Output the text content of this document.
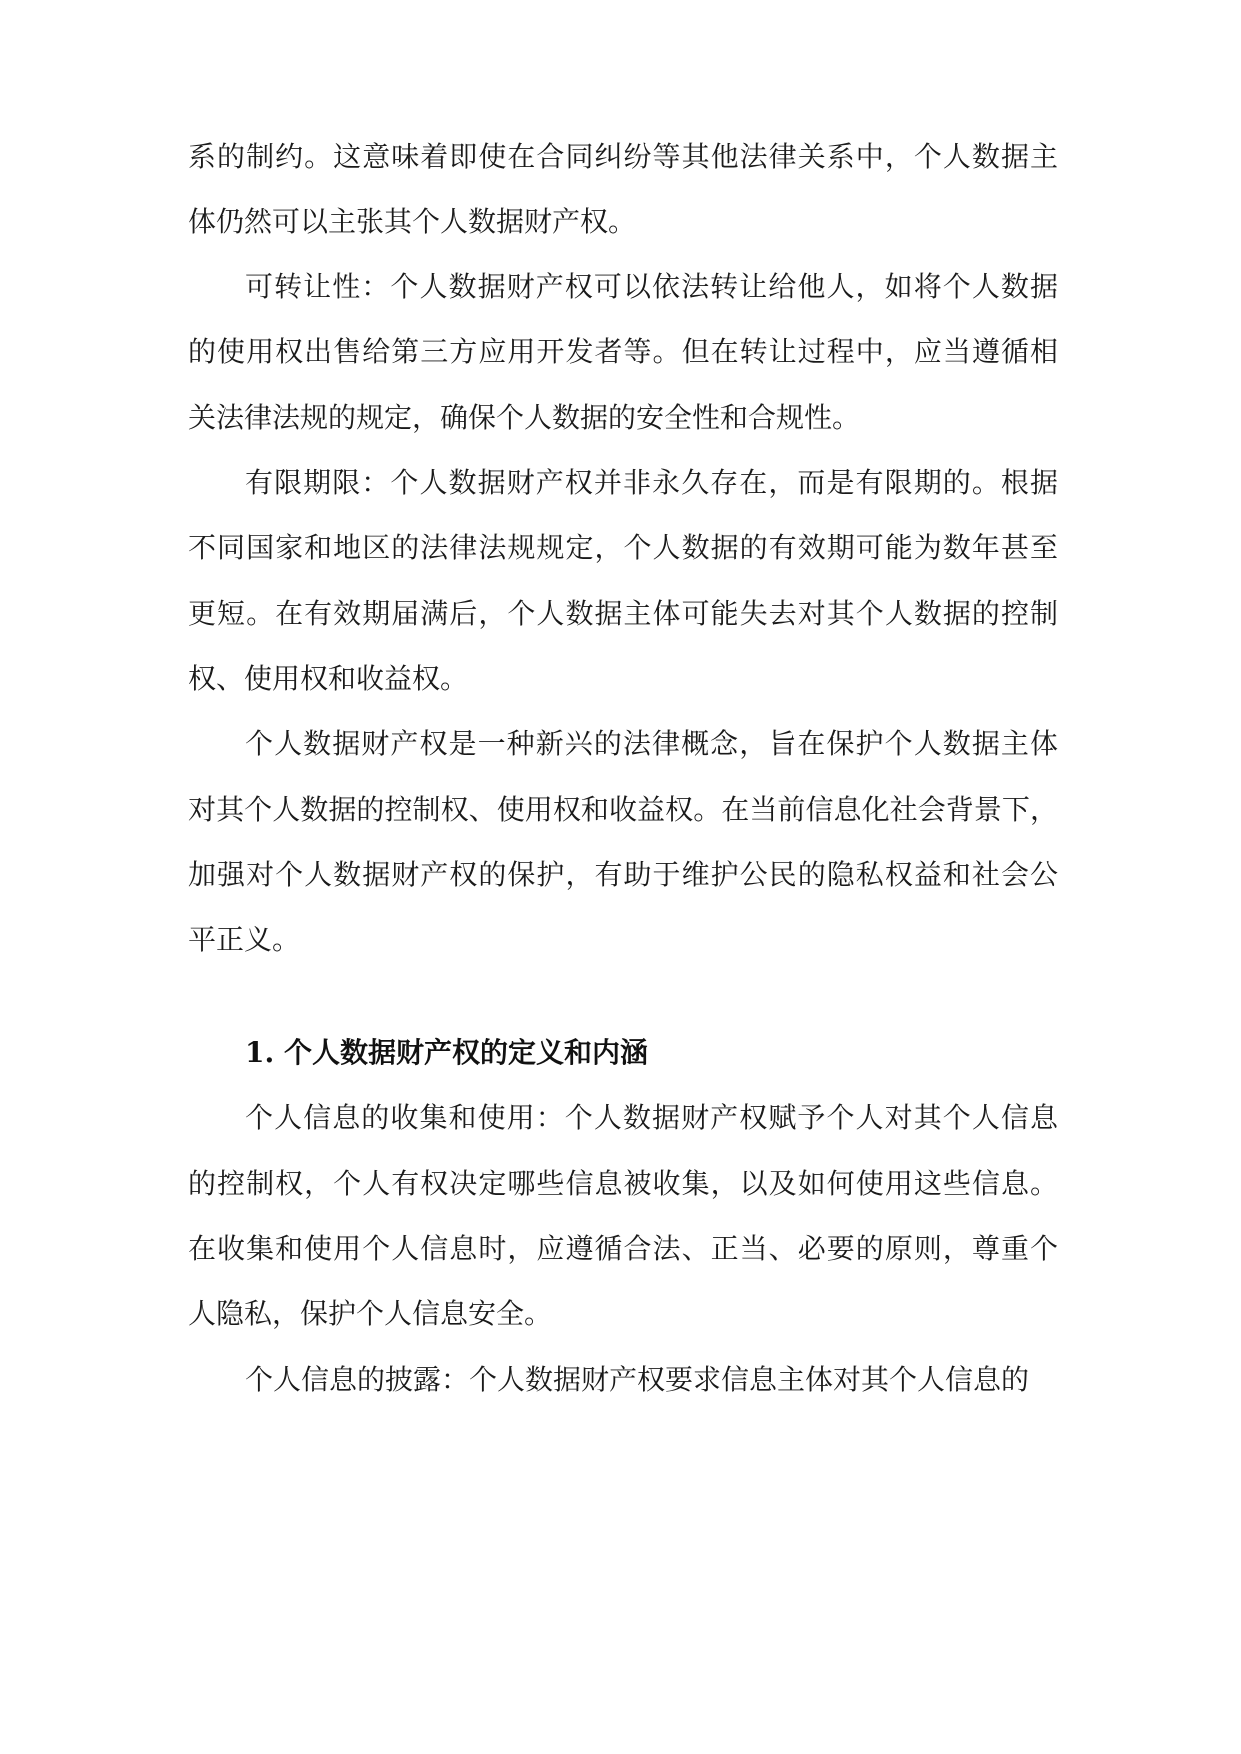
系的制约。这意味着即使在合同纠纷等其他法律关系中，个人数据主

体仍然可以主张其个人数据财产权。

可转让性：个人数据财产权可以依法转让给他人，如将个人数据

的使用权出售给第三方应用开发者等。但在转让过程中，应当遵循相

关法律法规的规定，确保个人数据的安全性和合规性。

有限期限：个人数据财产权并非永久存在，而是有限期的。根据

不同国家和地区的法律法规规定，个人数据的有效期可能为数年甚至

更短。在有效期届满后，个人数据主体可能失去对其个人数据的控制

权、使用权和收益权。

个人数据财产权是一种新兴的法律概念，旨在保护个人数据主体

对其个人数据的控制权、使用权和收益权。在当前信息化社会背景下，

加强对个人数据财产权的保护，有助于维护公民的隐私权益和社会公

平正义。

1. 个人数据财产权的定义和内涵

个人信息的收集和使用：个人数据财产权赋予个人对其个人信息

的控制权，个人有权决定哪些信息被收集，以及如何使用这些信息。

在收集和使用个人信息时，应遵循合法、正当、必要的原则，尊重个

人隐私，保护个人信息安全。

个人信息的披露：个人数据财产权要求信息主体对其个人信息的
